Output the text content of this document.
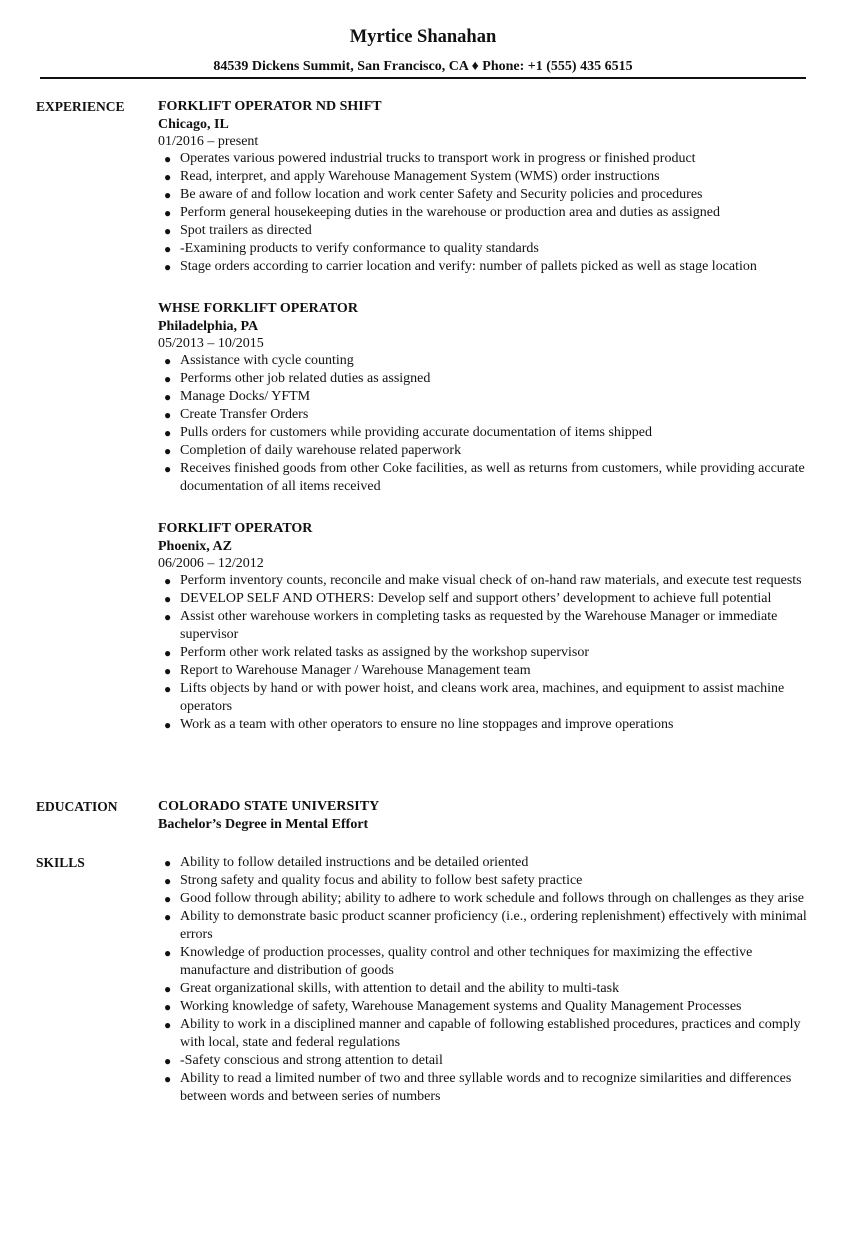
Myrtice Shanahan
84539 Dickens Summit, San Francisco, CA ♦ Phone: +1 (555) 435 6515
EXPERIENCE FORKLIFT OPERATOR ND SHIFT

Chicago, IL

01/2016 – present

● Operates various powered industrial trucks to transport work in progress or finished product
● Read, interpret, and apply Warehouse Management System (WMS) order instructions
● Be aware of and follow location and work center Safety and Security policies and procedures
● Perform general housekeeping duties in the warehouse or production area and duties as assigned
● Spot trailers as directed
● -Examining products to verify conformance to quality standards
● Stage orders according to carrier location and verify: number of pallets picked as well as stage location

WHSE FORKLIFT OPERATOR

Philadelphia, PA

05/2013 – 10/2015

● Assistance with cycle counting
● Performs other job related duties as assigned
● Manage Docks/ YFTM
● Create Transfer Orders
● Pulls orders for customers while providing accurate documentation of items shipped
● Completion of daily warehouse related paperwork
● Receives finished goods from other Coke facilities, as well as returns from customers, while providing accurate documentation of all items received

FORKLIFT OPERATOR

Phoenix, AZ

06/2006 – 12/2012

● Perform inventory counts, reconcile and make visual check of on-hand raw materials, and execute test requests
● DEVELOP SELF AND OTHERS: Develop self and support others’ development to achieve full potential
● Assist other warehouse workers in completing tasks as requested by the Warehouse Manager or immediate supervisor
● Perform other work related tasks as assigned by the workshop supervisor
● Report to Warehouse Manager / Warehouse Management team
● Lifts objects by hand or with power hoist, and cleans work area, machines, and equipment to assist machine operators
● Work as a team with other operators to ensure no line stoppages and improve operations
EDUCATION	COLORADO STATE UNIVERSITY

Bachelor’s Degree in Mental Effort

SKILLS	● Ability to follow detailed instructions and be detailed oriented
● Strong safety and quality focus and ability to follow best safety practice
● Good follow through ability; ability to adhere to work schedule and follows through on challenges as they arise
● Ability to demonstrate basic product scanner proficiency (i.e., ordering replenishment) effectively with minimal errors
● Knowledge of production processes, quality control and other techniques for maximizing the effective manufacture and distribution of goods
● Great organizational skills, with attention to detail and the ability to multi-task
● Working knowledge of safety, Warehouse Management systems and Quality Management Processes
● Ability to work in a disciplined manner and capable of following established procedures, practices and comply with local, state and federal regulations
● -Safety conscious and strong attention to detail
● Ability to read a limited number of two and three syllable words and to recognize similarities and differences between words and between series of numbers
